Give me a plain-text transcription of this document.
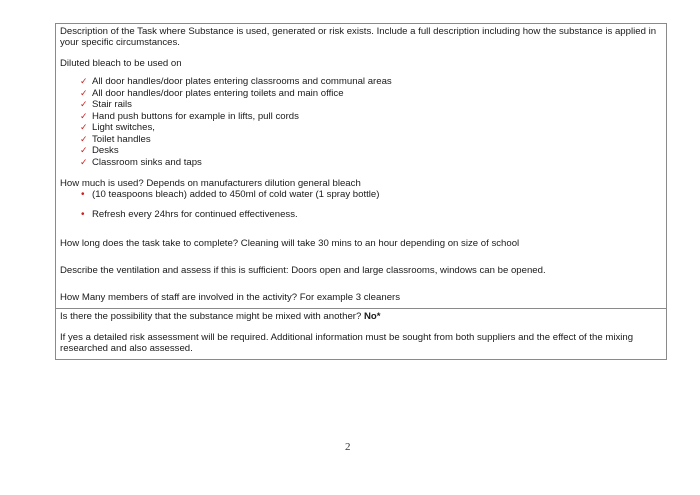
Description of the Task where Substance is used, generated or risk exists. Include a full description including how the substance is applied in your specific circumstances.

Diluted bleach to be used on

✓ All door handles/door plates entering classrooms and communal areas
✓ All door handles/door plates entering toilets and main office
✓ Stair rails
✓ Hand push buttons for example in lifts, pull cords
✓ Light switches,
✓ Toilet handles
✓ Desks
✓ Classroom sinks and taps

How much is used? Depends on manufacturers dilution general bleach

• (10 teaspoons bleach) added to 450ml of cold water (1 spray bottle)
• Refresh every 24hrs for continued effectiveness.

How long does the task take to complete? Cleaning will take 30 mins to an hour depending on size of school

Describe the ventilation and assess if this is sufficient: Doors open and large classrooms, windows can be opened.

How Many members of staff are involved in the activity? For example 3 cleaners

Is there the possibility that the substance might be mixed with another? No*

If yes a detailed risk assessment will be required. Additional information must be sought from both suppliers and the effect of the mixing researched and also assessed.

2
